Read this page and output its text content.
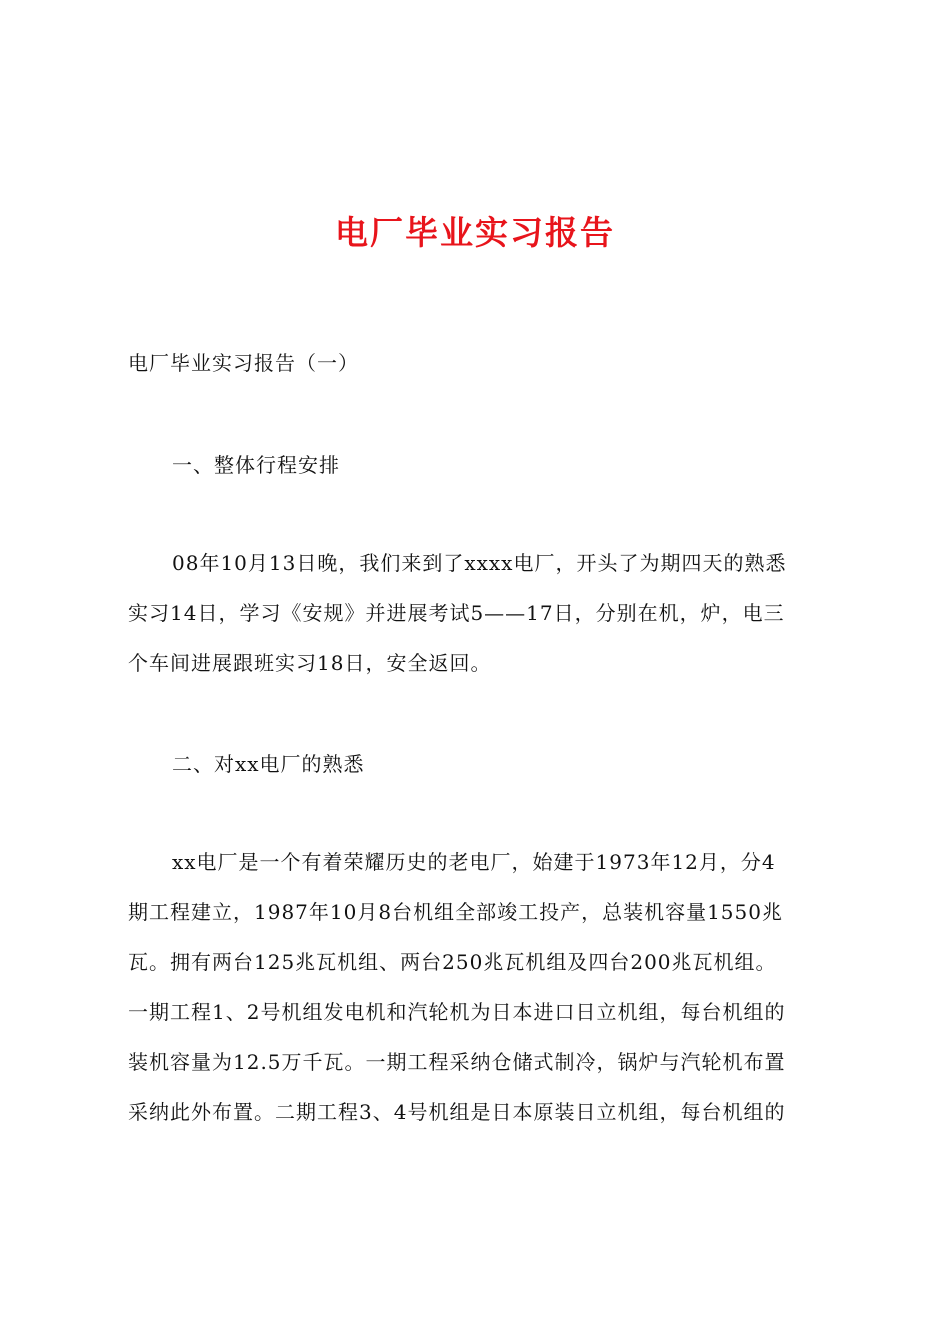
电厂毕业实习报告
电厂毕业实习报告（一）
一、整体行程安排
08年10月13日晚，我们来到了xxxx电厂，开头了为期四天的熟悉
实习14日，学习《安规》并进展考试5——17日，分别在机，炉，电三
个车间进展跟班实习18日，安全返回。
二、对xx电厂的熟悉
xx电厂是一个有着荣耀历史的老电厂，始建于1973年12月，分4
期工程建立，1987年10月8台机组全部竣工投产，总装机容量1550兆
瓦。拥有两台125兆瓦机组、两台250兆瓦机组及四台200兆瓦机组。
一期工程1、2号机组发电机和汽轮机为日本进口日立机组，每台机组的
装机容量为12.5万千瓦。一期工程采纳仓储式制冷，锅炉与汽轮机布置
采纳此外布置。二期工程3、4号机组是日本原装日立机组，每台机组的
